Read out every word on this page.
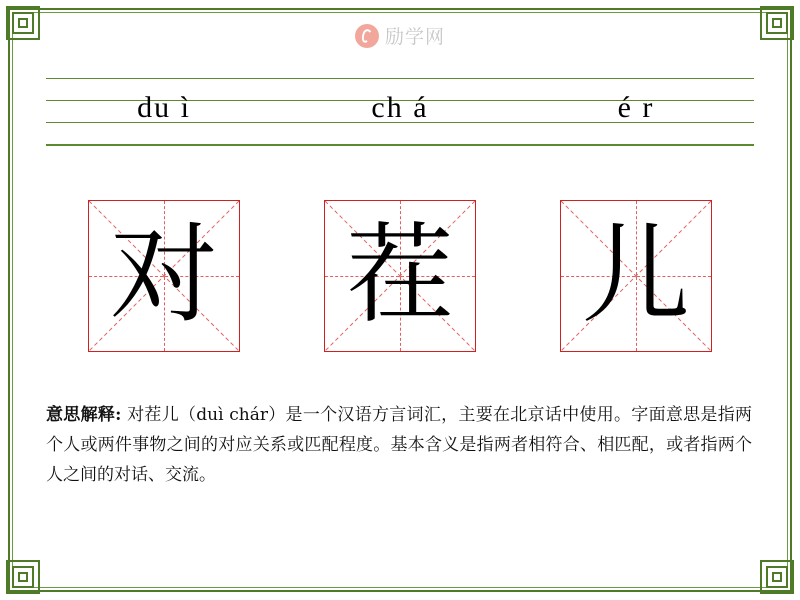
励学网
du ì	ch á	é r
对 茬 儿
意思解释: 对茬儿（duì chár）是一个汉语方言词汇，主要在北京话中使用。字面意思是指两个人或两件事物之间的对应关系或匹配程度。基本含义是指两者相符合、相匹配，或者指两个人之间的对话、交流。
